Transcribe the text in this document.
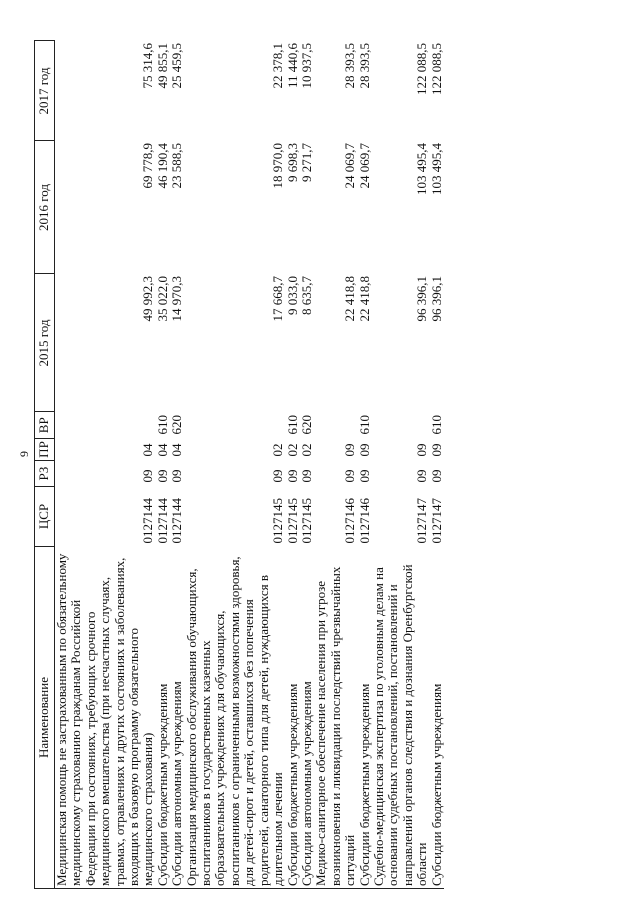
9
Наименование	ЦСР	РЗ	ПР	ВР	2015 год	2016 год	2017 год
Медицинская помощь не застрахованным по обязательному медицинскому страхованию гражданам Российской Федерации при состояниях, требующих срочного медицинского вмешательства (при несчастных случаях, травмах, отравлениях и других состояниях и заболеваниях, входящих в базовую программу обязательного медицинского страхования)	0127144	09	04		49 992,3	69 778,9	75 314,6
Субсидии бюджетным учреждениям	0127144	09	04	610	35 022,0	46 190,4	49 855,1
Субсидии автономным учреждениям	0127144	09	04	620	14 970,3	23 588,5	25 459,5
Организация медицинского обслуживания обучающихся, воспитанников в государственных казенных образовательных учреждениях для обучающихся, воспитанников с ограниченными возможностями здоровья, для детей-сирот и детей, оставшихся без попечения родителей, санаторного типа для детей, нуждающихся в длительном лечении	0127145	09	02		17 668,7	18 970,0	22 378,1
Субсидии бюджетным учреждениям	0127145	09	02	610	9 033,0	9 698,3	11 440,6
Субсидии автономным учреждениям	0127145	09	02	620	8 635,7	9 271,7	10 937,5
Медико-санитарное обеспечение населения при угрозе возникновения и ликвидации последствий чрезвычайных ситуаций	0127146	09	09		22 418,8	24 069,7	28 393,5
Субсидии бюджетным учреждениям	0127146	09	09	610	22 418,8	24 069,7	28 393,5
Судебно-медицинская экспертиза по уголовным делам на основании судебных постановлений, постановлений и направлений органов следствия и дознания Оренбургской области	0127147	09	09		96 396,1	103 495,4	122 088,5
Субсидии бюджетным учреждениям	0127147	09	09	610	96 396,1	103 495,4	122 088,5
